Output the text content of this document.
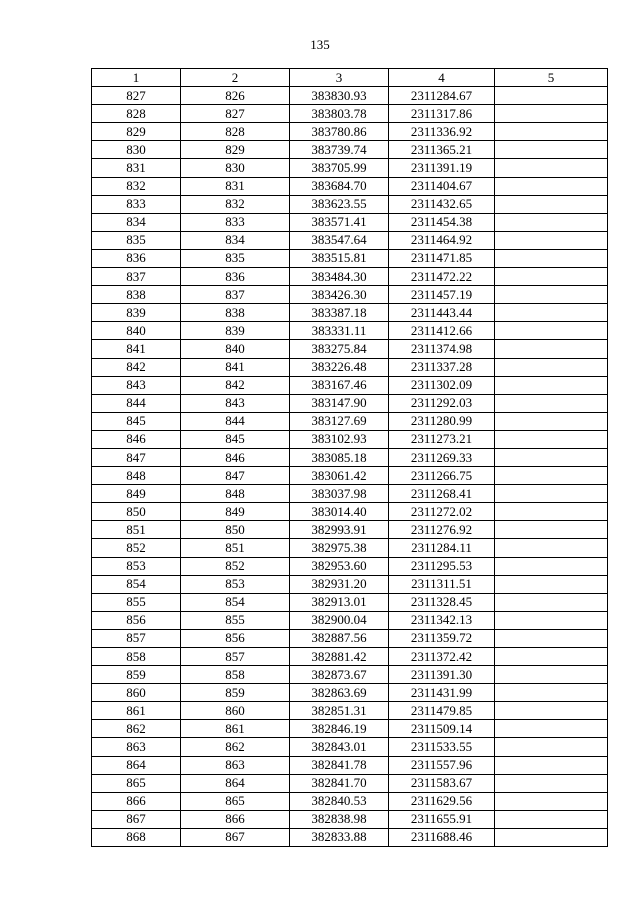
135
1	2	3	4	5
827	826	383830.93	2311284.67	
828	827	383803.78	2311317.86	
829	828	383780.86	2311336.92	
830	829	383739.74	2311365.21	
831	830	383705.99	2311391.19	
832	831	383684.70	2311404.67	
833	832	383623.55	2311432.65	
834	833	383571.41	2311454.38	
835	834	383547.64	2311464.92	
836	835	383515.81	2311471.85	
837	836	383484.30	2311472.22	
838	837	383426.30	2311457.19	
839	838	383387.18	2311443.44	
840	839	383331.11	2311412.66	
841	840	383275.84	2311374.98	
842	841	383226.48	2311337.28	
843	842	383167.46	2311302.09	
844	843	383147.90	2311292.03	
845	844	383127.69	2311280.99	
846	845	383102.93	2311273.21	
847	846	383085.18	2311269.33	
848	847	383061.42	2311266.75	
849	848	383037.98	2311268.41	
850	849	383014.40	2311272.02	
851	850	382993.91	2311276.92	
852	851	382975.38	2311284.11	
853	852	382953.60	2311295.53	
854	853	382931.20	2311311.51	
855	854	382913.01	2311328.45	
856	855	382900.04	2311342.13	
857	856	382887.56	2311359.72	
858	857	382881.42	2311372.42	
859	858	382873.67	2311391.30	
860	859	382863.69	2311431.99	
861	860	382851.31	2311479.85	
862	861	382846.19	2311509.14	
863	862	382843.01	2311533.55	
864	863	382841.78	2311557.96	
865	864	382841.70	2311583.67	
866	865	382840.53	2311629.56	
867	866	382838.98	2311655.91	
868	867	382833.88	2311688.46	
